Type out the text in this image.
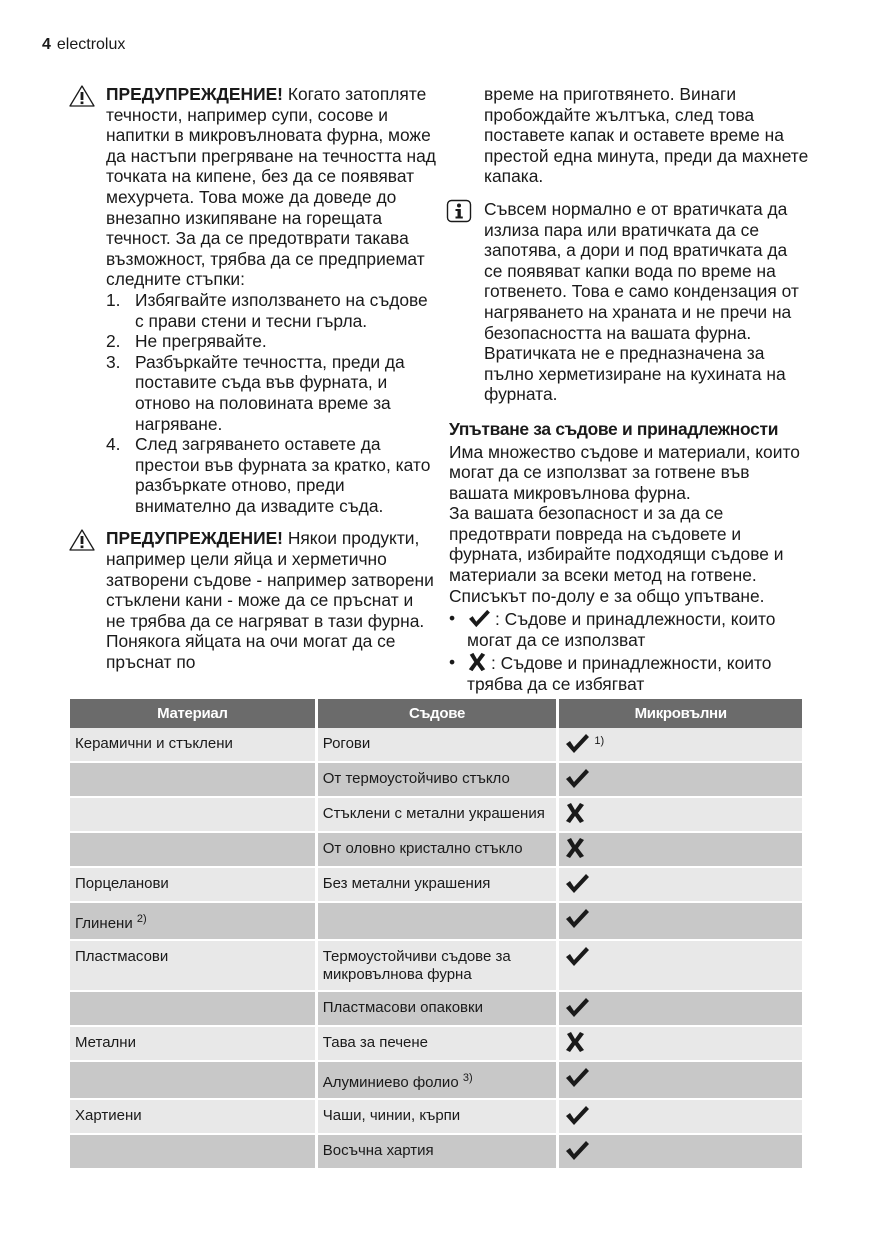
4 electrolux
ПРЕДУПРЕЖДЕНИЕ! Когато затопляте течности, например супи, сосове и напитки в микровълновата фурна, може да настъпи прегряване на течността над точката на кипене, без да се появяват мехурчета. Това може да доведе до внезапно изкипяване на горещата течност. За да се предотврати такава възможност, трябва да се предприемат следните стъпки:
1. Избягвайте използването на съдове с прави стени и тесни гърла.
2. Не прегрявайте.
3. Разбъркайте течността, преди да поставите съда във фурната, и отново на половината време за нагряване.
4. След загряването оставете да престои във фурната за кратко, като разбъркате отново, преди внимателно да извадите съда.
ПРЕДУПРЕЖДЕНИЕ! Някои продукти, например цели яйца и херметично затворени съдове - например затворени стъклени кани - може да се пръснат и не трябва да се нагряват в тази фурна. Понякога яйцата на очи могат да се пръснат по
време на приготвянето. Винаги пробождайте жълтъка, след това поставете капак и оставете време на престой една минута, преди да махнете капака.
Съвсем нормално е от вратичката да излиза пара или вратичката да се запотява, а дори и под вратичката да се появяват капки вода по време на готвенето. Това е само кондензация от нагряването на храната и не пречи на безопасността на вашата фурна. Вратичката не е предназначена за пълно херметизиране на кухината на фурната.
Упътване за съдове и принадлежности
Има множество съдове и материали, които могат да се използват за готвене във вашата микровълнова фурна.
За вашата безопасност и за да се предотврати повреда на съдовете и фурната, избирайте подходящи съдове и материали за всеки метод на готвене.
Списъкът по-долу е за общо упътване.
• : Съдове и принадлежности, които могат да се използват
• : Съдове и принадлежности, които трябва да се избягват
Материал	Съдове	Микровълни
Керамични и стъклени	Рогови	$^{1)}$
	От термоустойчиво стъкло	
	Стъклени с метални украшения	
	От оловно кристално стъкло	
Порцеланови	Без метални украшения	
Глинени $^{2)}$		
Пластмасови	Термоустойчиви съдове за микровълнова фурна	
	Пластмасови опаковки	
Метални	Тава за печене	
	Алуминиево фолио $^{3)}$	
Хартиени	Чаши, чинии, кърпи	
	Восъчна хартия	
